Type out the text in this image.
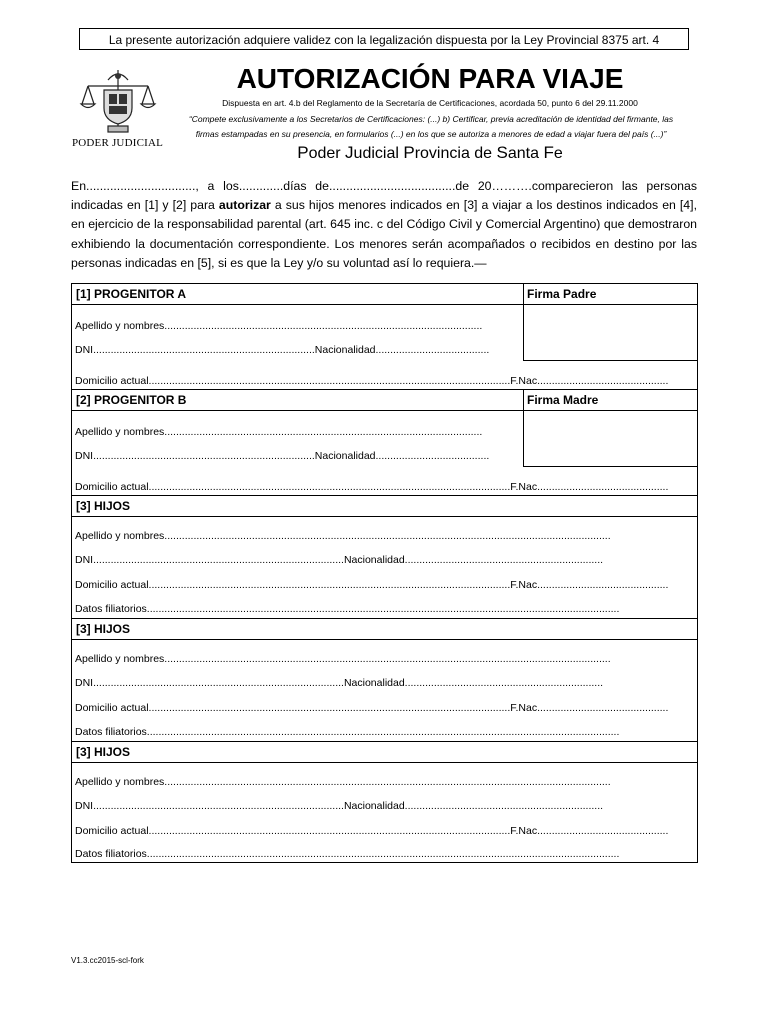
La presente autorización adquiere validez con la legalización dispuesta por la Ley Provincial 8375 art. 4
PODER JUDICIAL
AUTORIZACIÓN PARA VIAJE
Dispuesta en art. 4.b del Reglamento de la Secretaría de Certificaciones, acordada 50, punto 6 del 29.11.2000
“Compete exclusivamente a los Secretarios de Certificaciones: (...) b) Certificar, previa acreditación de identidad del firmante, las
firmas estampadas en su presencia, en formularios (...) en los que se autoriza a menores de edad a viajar fuera del país (...)”
Poder Judicial Provincia de Santa Fe
En................................, a los.............días de.....................................de 20……….comparecieron las personas indicadas en [1] y [2] para autorizar a sus hijos menores indicados en [3] a viajar a los destinos indicados en [4], en ejercicio de la responsabilidad parental (art. 645 inc. c del Código Civil y Comercial Argentino) que demostraron exhibiendo la documentación correspondiente. Los menores serán acompañados o recibidos en destino por las personas indicadas en [5], si es que la Ley y/o su voluntad así lo requiera.—
[1] PROGENITOR A	Firma Padre
Apellido y nombres.............................................................................................................
DNI............................................................................Nacionalidad.......................................
Domicilio actual............................................................................................................................F.Nac.............................................
[2] PROGENITOR B	Firma Madre
Apellido y nombres.............................................................................................................
DNI............................................................................Nacionalidad.......................................
Domicilio actual............................................................................................................................F.Nac.............................................
[3] HIJOS
Apellido y nombres.........................................................................................................................................................
DNI......................................................................................Nacionalidad....................................................................
Domicilio actual............................................................................................................................F.Nac.............................................
Datos filiatorios..................................................................................................................................................................
[3] HIJOS
Apellido y nombres.........................................................................................................................................................
DNI......................................................................................Nacionalidad....................................................................
Domicilio actual............................................................................................................................F.Nac.............................................
Datos filiatorios..................................................................................................................................................................
[3] HIJOS
Apellido y nombres.........................................................................................................................................................
DNI......................................................................................Nacionalidad....................................................................
Domicilio actual............................................................................................................................F.Nac.............................................
Datos filiatorios..................................................................................................................................................................
V1.3.cc2015-scl-fork
